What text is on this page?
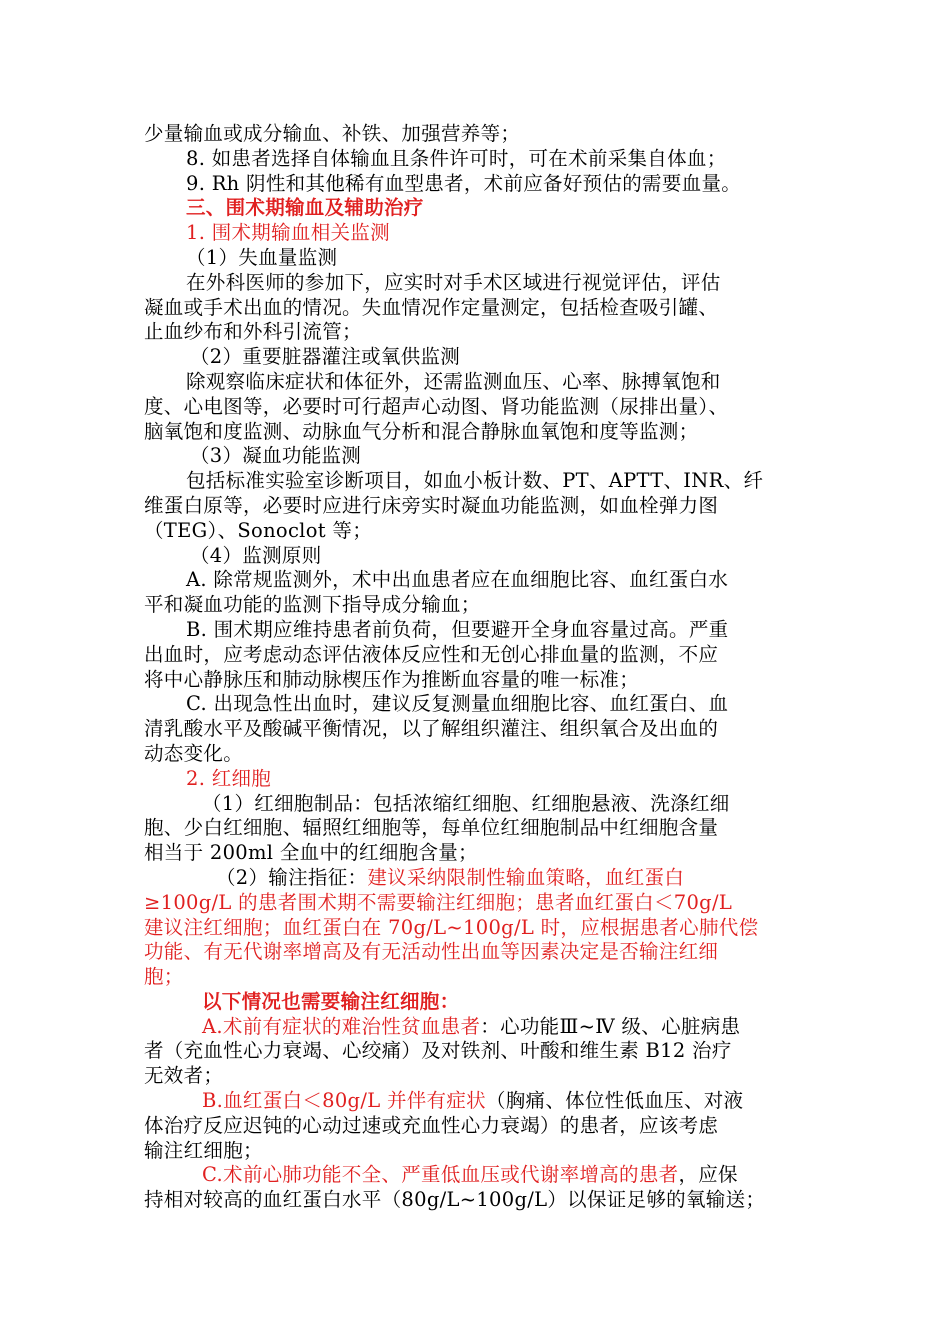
少量输血或成分输血、补铁、加强营养等；
8. 如患者选择自体输血且条件许可时，可在术前采集自体血；
9. Rh 阴性和其他稀有血型患者，术前应备好预估的需要血量。
三、围术期输血及辅助治疗
1. 围术期输血相关监测
（1）失血量监测
在外科医师的参加下，应实时对手术区域进行视觉评估，评估
凝血或手术出血的情况。失血情况作定量测定，包括检查吸引罐、
止血纱布和外科引流管；
（2）重要脏器灌注或氧供监测
除观察临床症状和体征外，还需监测血压、心率、脉搏氧饱和
度、心电图等，必要时可行超声心动图、肾功能监测（尿排出量）、
脑氧饱和度监测、动脉血气分析和混合静脉血氧饱和度等监测；
（3）凝血功能监测
包括标准实验室诊断项目，如血小板计数、PT、APTT、INR、纤
维蛋白原等，必要时应进行床旁实时凝血功能监测，如血栓弹力图
（TEG）、Sonoclot 等；
（4）监测原则
A. 除常规监测外，术中出血患者应在血细胞比容、血红蛋白水
平和凝血功能的监测下指导成分输血；
B. 围术期应维持患者前负荷，但要避开全身血容量过高。严重
出血时，应考虑动态评估液体反应性和无创心排血量的监测，不应
将中心静脉压和肺动脉楔压作为推断血容量的唯一标准；
C. 出现急性出血时，建议反复测量血细胞比容、血红蛋白、血
清乳酸水平及酸碱平衡情况，以了解组织灌注、组织氧合及出血的
动态变化。
2. 红细胞
（1）红细胞制品：包括浓缩红细胞、红细胞悬液、洗涤红细
胞、少白红细胞、辐照红细胞等，每单位红细胞制品中红细胞含量
相当于 200ml 全血中的红细胞含量；
（2）输注指征：建议采纳限制性输血策略，血红蛋白
≥100g/L 的患者围术期不需要输注红细胞；患者血红蛋白＜70g/L
建议注红细胞；血红蛋白在 70g/L~100g/L 时，应根据患者心肺代偿
功能、有无代谢率增高及有无活动性出血等因素决定是否输注红细
胞；
以下情况也需要输注红细胞：
A.术前有症状的难治性贫血患者：心功能Ⅲ~Ⅳ 级、心脏病患
者（充血性心力衰竭、心绞痛）及对铁剂、叶酸和维生素 B12 治疗
无效者；
B.血红蛋白＜80g/L 并伴有症状（胸痛、体位性低血压、对液
体治疗反应迟钝的心动过速或充血性心力衰竭）的患者，应该考虑
输注红细胞；
C.术前心肺功能不全、严重低血压或代谢率增高的患者，应保
持相对较高的血红蛋白水平（80g/L~100g/L）以保证足够的氧输送；
